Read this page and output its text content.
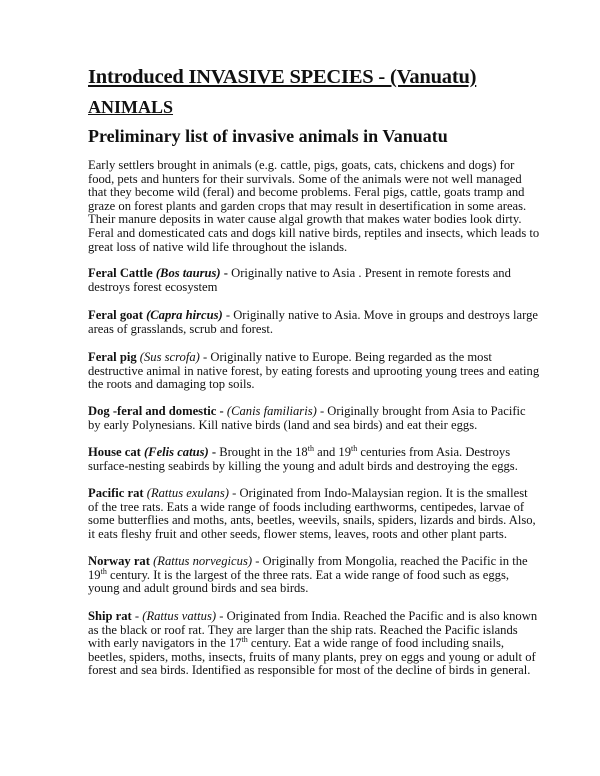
Introduced INVASIVE SPECIES - (Vanuatu)
ANIMALS
Preliminary list of invasive animals in Vanuatu

Early settlers brought in animals (e.g. cattle, pigs, goats, cats, chickens and dogs) for food, pets and hunters for their survivals. Some of the animals were not well managed that they become wild (feral) and become problems. Feral pigs, cattle, goats tramp and graze on forest plants and garden crops that may result in desertification in some areas. Their manure deposits in water cause algal growth that makes water bodies look dirty. Feral and domesticated cats and dogs kill native birds, reptiles and insects, which leads to great loss of native wild life throughout the islands.

Feral Cattle (Bos taurus) - Originally native to Asia . Present in remote forests and destroys forest ecosystem

Feral goat (Capra hircus) - Originally native to Asia. Move in groups and destroys large areas of grasslands, scrub and forest.

Feral pig (Sus scrofa) - Originally native to Europe. Being regarded as the most destructive animal in native forest, by eating forests and uprooting young trees and eating the roots and damaging top soils.

Dog -feral and domestic - (Canis familiaris) - Originally brought from Asia to Pacific by early Polynesians. Kill native birds (land and sea birds) and eat their eggs.

House cat (Felis catus) - Brought in the 18th and 19th centuries from Asia. Destroys surface-nesting seabirds by killing the young and adult birds and destroying the eggs.

Pacific rat (Rattus exulans) - Originated from Indo-Malaysian region. It is the smallest of the tree rats. Eats a wide range of foods including earthworms, centipedes, larvae of some butterflies and moths, ants, beetles, weevils, snails, spiders, lizards and birds. Also, it eats fleshy fruit and other seeds, flower stems, leaves, roots and other plant parts.

Norway rat (Rattus norvegicus) - Originally from Mongolia, reached the Pacific in the 19th century. It is the largest of the three rats. Eat a wide range of food such as eggs, young and adult ground birds and sea birds.

Ship rat - (Rattus vattus) - Originated from India. Reached the Pacific and is also known as the black or roof rat. They are larger than the ship rats. Reached the Pacific islands with early navigators in the 17th century. Eat a wide range of food including snails, beetles, spiders, moths, insects, fruits of many plants, prey on eggs and young or adult of forest and sea birds. Identified as responsible for most of the decline of birds in general.
